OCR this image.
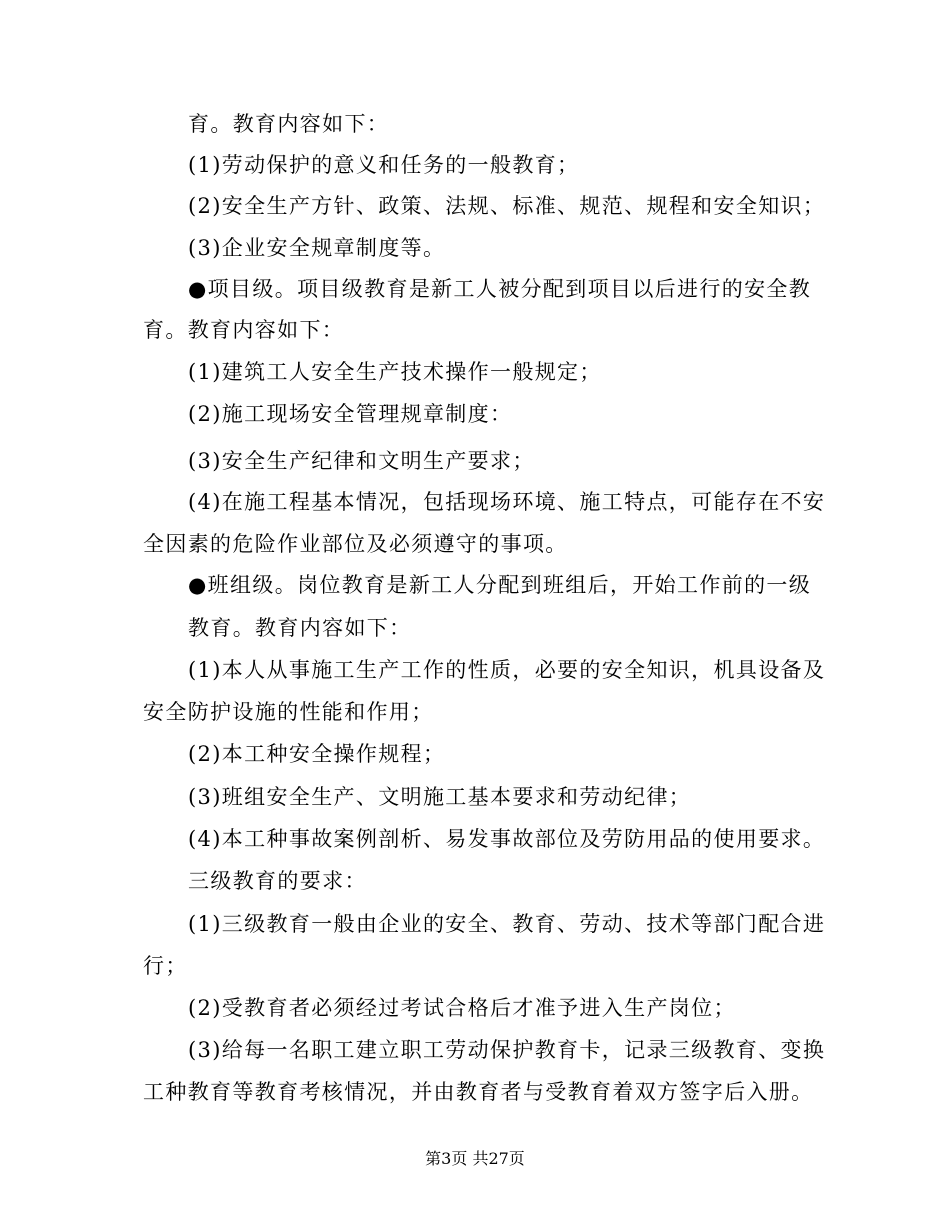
育。教育内容如下：
(1)劳动保护的意义和任务的一般教育；
(2)安全生产方针、政策、法规、标准、规范、规程和安全知识；
(3)企业安全规章制度等。
●项目级。项目级教育是新工人被分配到项目以后进行的安全教
育。教育内容如下：
(1)建筑工人安全生产技术操作一般规定；
(2)施工现场安全管理规章制度：
(3)安全生产纪律和文明生产要求；
(4)在施工程基本情况，包括现场环境、施工特点，可能存在不安
全因素的危险作业部位及必须遵守的事项。
●班组级。岗位教育是新工人分配到班组后，开始工作前的一级
教育。教育内容如下：
(1)本人从事施工生产工作的性质，必要的安全知识，机具设备及
安全防护设施的性能和作用；
(2)本工种安全操作规程；
(3)班组安全生产、文明施工基本要求和劳动纪律；
(4)本工种事故案例剖析、易发事故部位及劳防用品的使用要求。
三级教育的要求：
(1)三级教育一般由企业的安全、教育、劳动、技术等部门配合进
行；
(2)受教育者必须经过考试合格后才准予进入生产岗位；
(3)给每一名职工建立职工劳动保护教育卡，记录三级教育、变换
工种教育等教育考核情况，并由教育者与受教育着双方签字后入册。
第3页 共27页
